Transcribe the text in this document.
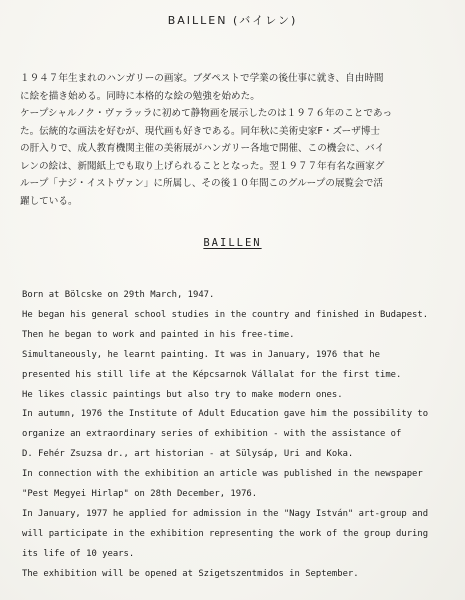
BAILLEN (バイレン)
１９４７年生まれのハンガリーの画家。ブダペストで学業の後仕事に就き、自由時間
に絵を描き始める。同時に本格的な絵の勉強を始めた。
ケープシャルノク・ヴァラッラに初めて静物画を展示したのは１９７６年のことであっ
た。伝統的な画法を好むが、現代画も好きである。同年秋に美術史家F・ズーザ博士
の肝入りで、成人教育機関主催の美術展がハンガリー各地で開催、この機会に、バイ
レンの絵は、新聞紙上でも取り上げられることとなった。翌１９７７年有名な画家グ
ループ「ナジ・イストヴァン」に所属し、その後１０年間このグループの展覧会で活
躍している。
BAILLEN
Born at Bölcske on 29th March, 1947.
He began his general school studies in the country and finished in Budapest.
Then he began to work and painted in his free-time.
Simultaneously, he learnt painting. It was in January, 1976 that he
presented his still life at the Képcsarnok Vállalat for the first time.
He likes classic paintings but also try to make modern ones.
In autumn, 1976 the Institute of Adult Education gave him the possibility to
organize an extraordinary series of exhibition - with the assistance of
D. Fehér Zsuzsa dr., art historian - at Sülysáp, Uri and Koka.
In connection with the exhibition an article was published in the newspaper
"Pest Megyei Hirlap" on 28th December, 1976.
In January, 1977 he applied for admission in the "Nagy István" art-group and
will participate in the exhibition representing the work of the group during
its life of 10 years.
The exhibition will be opened at Szigetszentmidos in September.
